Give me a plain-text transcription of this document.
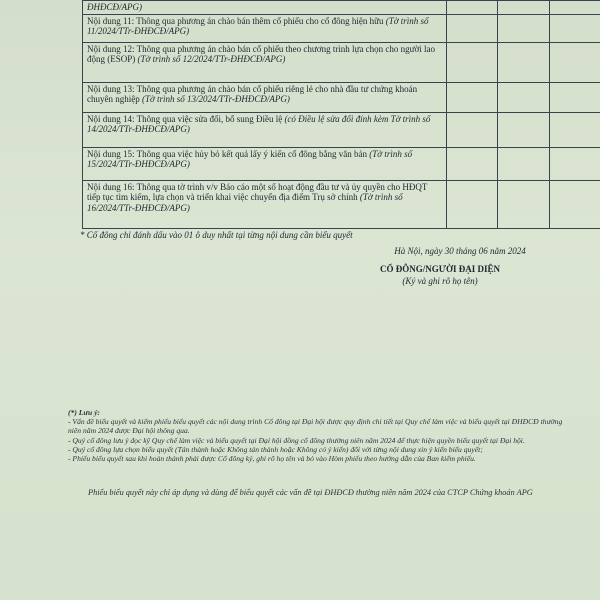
ĐHĐCĐ/APG)			
Nội dung 11: Thông qua phương án chào bán thêm cổ phiếu cho cổ đông hiện hữu (Tờ trình số 11/2024/TTr-ĐHĐCĐ/APG)			
Nội dung 12: Thông qua phương án chào bán cổ phiếu theo chương trình lựa chọn cho người lao động (ESOP) (Tờ trình số 12/2024/TTr-ĐHĐCĐ/APG)			
Nội dung 13: Thông qua phương án chào bán cổ phiếu riêng lẻ cho nhà đầu tư chứng khoán chuyên nghiệp (Tờ trình số 13/2024/TTr-ĐHĐCĐ/APG)			
Nội dung 14: Thông qua việc sửa đổi, bổ sung Điều lệ (có Điều lệ sửa đổi đính kèm Tờ trình số 14/2024/TTr-ĐHĐCĐ/APG)			
Nội dung 15: Thông qua việc hủy bỏ kết quả lấy ý kiến cổ đông bằng văn bản (Tờ trình số 15/2024/TTr-ĐHĐCĐ/APG)			
Nội dung 16: Thông qua tờ trình v/v Báo cáo một số hoạt động đầu tư và ủy quyền cho HĐQT tiếp tục tìm kiếm, lựa chọn và triển khai việc chuyển địa điểm Trụ sở chính (Tờ trình số 16/2024/TTr-ĐHĐCĐ/APG)			
* Cổ đông chỉ đánh dấu vào 01 ô duy nhất tại từng nội dung cần biểu quyết
Hà Nội, ngày 30 tháng 06 năm 2024
CỔ ĐÔNG/NGƯỜI ĐẠI DIỆN
(Ký và ghi rõ họ tên)
(*) Lưu ý:
- Vấn đề biểu quyết và kiểm phiếu biểu quyết các nội dung trình Cổ đông tại Đại hội được quy định chi tiết tại Quy chế làm việc và biểu quyết tại ĐHĐCĐ thường niên năm 2024 được Đại hội thông qua.
- Quý cổ đông lưu ý đọc kỹ Quy chế làm việc và biểu quyết tại Đại hội đồng cổ đông thường niên năm 2024 để thực hiện quyền biểu quyết tại Đại hội.
- Quý cổ đông lựa chọn biểu quyết (Tán thành hoặc Không tán thành hoặc Không có ý kiến) đối với từng nội dung xin ý kiến biểu quyết;
- Phiếu biểu quyết sau khi hoàn thành phải được Cổ đông ký, ghi rõ họ tên và bỏ vào Hòm phiếu theo hướng dẫn của Ban kiểm phiếu.
Phiếu biểu quyết này chỉ áp dụng và dùng để biểu quyết các vấn đề tại ĐHĐCĐ thường niên năm 2024 của CTCP Chứng khoán APG
